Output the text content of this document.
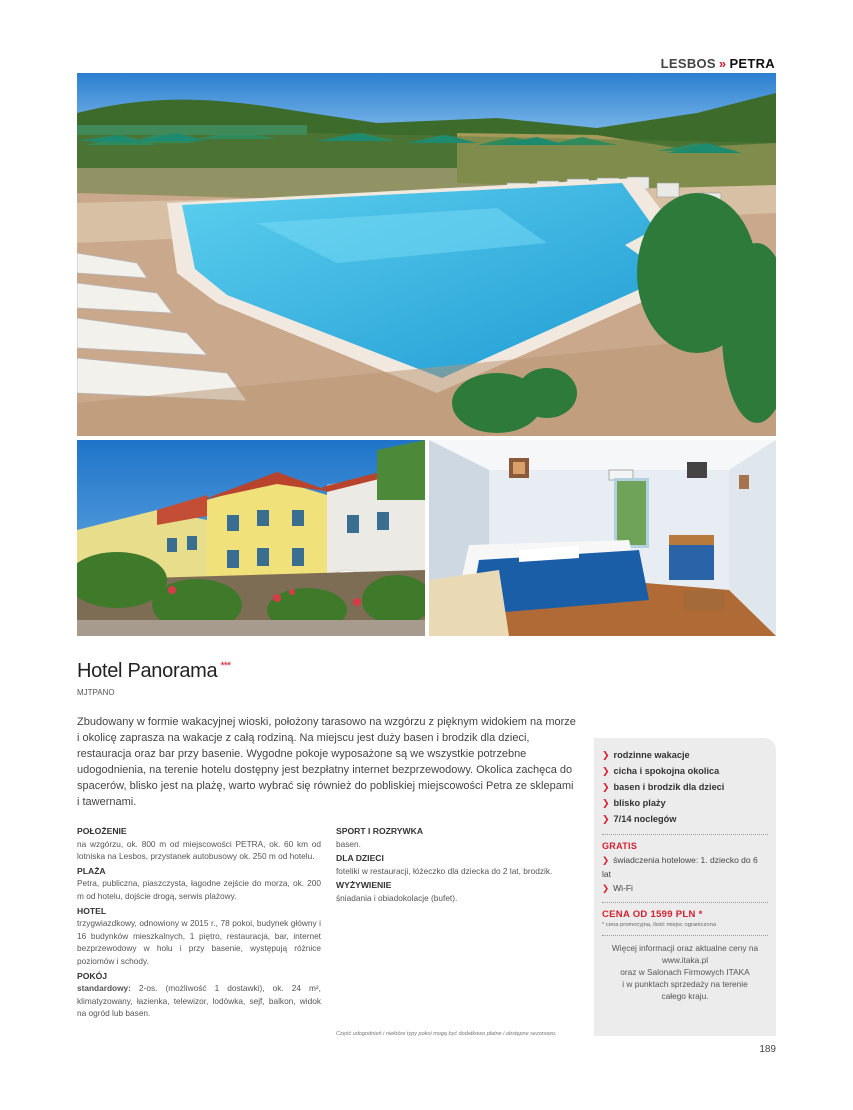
LESBOS » PETRA
Hotel Panorama ***
MJTPANO

Zbudowany w formie wakacyjnej wioski, położony tarasowo na wzgórzu z pięknym widokiem na morze i okolicę zaprasza na wakacje z całą rodziną. Na miejscu jest duży basen i brodzik dla dzieci, restauracja oraz bar przy basenie. Wygodne pokoje wyposażone są we wszystkie potrzebne udogodnienia, na terenie hotelu dostępny jest bezpłatny internet bezprzewodowy. Okolica zachęca do spacerów, blisko jest na plażę, warto wybrać się również do pobliskiej miejscowości Petra ze sklepami i tawernami.

POŁOŻENIE

na wzgórzu, ok. 800 m od miejscowości PETRA, ok. 60 km od lotniska na Lesbos, przystanek autobusowy ok. 250 m od hotelu.

PLAŻA

Petra, publiczna, piaszczysta, łagodne zejście do morza, ok. 200 m od hotelu, dojście drogą, serwis plażowy.

HOTEL

trzygwiazdkowy, odnowiony w 2015 r., 78 pokoi, budynek główny i 16 budynków mieszkalnych, 1 piętro, restauracja, bar, internet bezprzewodowy w holu i przy basenie, występują różnice poziomów i schody.

POKÓJ

standardowy: 2-os. (możliwość 1 dostawki), ok. 24 m², klimatyzowany, łazienka, telewizor, lodówka, sejf, balkon, widok na ogród lub basen.

SPORT I ROZRYWKA

basen.

DLA DZIECI

foteliki w restauracji, łóżeczko dla dziecka do 2 lat, brodzik.

WYŻYWIENIE

śniadania i obiadokolacje (bufet).

Część udogodnień i niektóre typy pokoi mogą być dodatkowo płatne i obstępne sezonowo.
❯ rodzinne wakacje
❯ cicha i spokojna okolica
❯ basen i brodzik dla dzieci
❯ blisko plaży
❯ 7/14 noclegów
GRATIS
❯ świadczenia hotelowe: 1. dziecko do 6 lat
❯ Wi-Fi
CENA OD 1599 PLN *
* cena promocyjna, ilość miejsc ograniczona
Więcej informacji oraz aktualne ceny na
www.itaka.pl
oraz w Salonach Firmowych ITAKA
i w punktach sprzedaży na terenie
całego kraju.
189
